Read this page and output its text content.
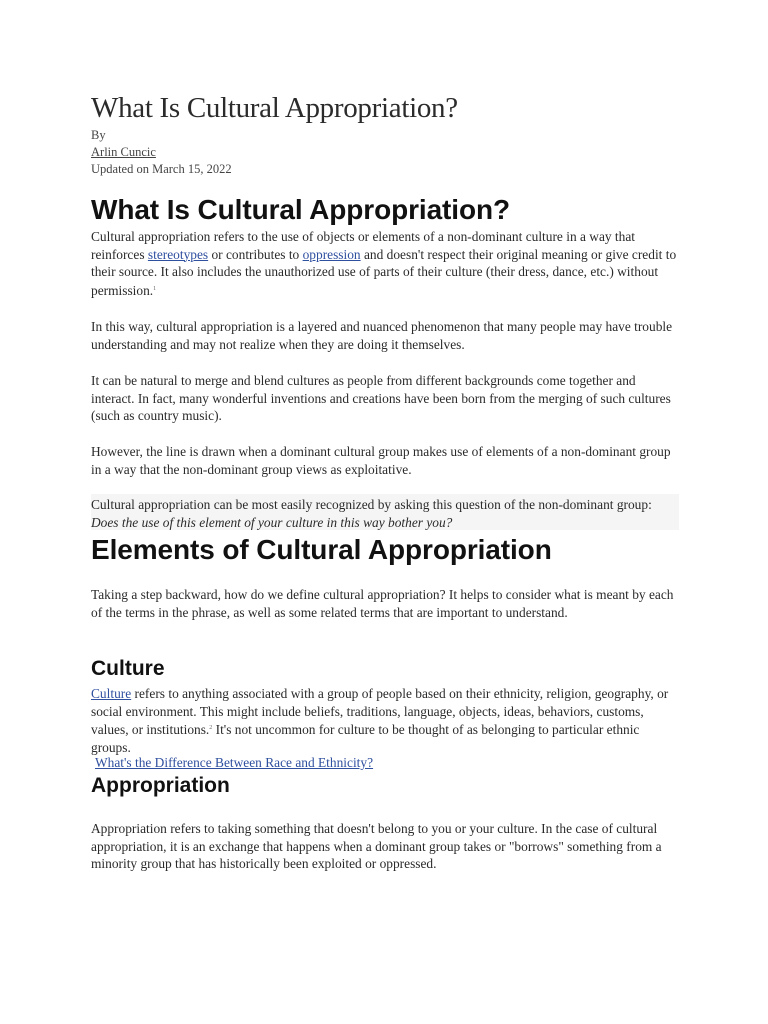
What Is Cultural Appropriation?
By
Arlin Cuncic
Updated on March 15, 2022
What Is Cultural Appropriation?

Cultural appropriation refers to the use of objects or elements of a non-dominant culture in a way that reinforces stereotypes or contributes to oppression and doesn't respect their original meaning or give credit to their source. It also includes the unauthorized use of parts of their culture (their dress, dance, etc.) without permission.$^1$

In this way, cultural appropriation is a layered and nuanced phenomenon that many people may have trouble understanding and may not realize when they are doing it themselves.

It can be natural to merge and blend cultures as people from different backgrounds come together and interact. In fact, many wonderful inventions and creations have been born from the merging of such cultures (such as country music).

However, the line is drawn when a dominant cultural group makes use of elements of a non-dominant group in a way that the non-dominant group views as exploitative.

Cultural appropriation can be most easily recognized by asking this question of the non-dominant group: Does the use of this element of your culture in this way bother you?

Elements of Cultural Appropriation

Taking a step backward, how do we define cultural appropriation? It helps to consider what is meant by each of the terms in the phrase, as well as some related terms that are important to understand.

Culture

Culture refers to anything associated with a group of people based on their ethnicity, religion, geography, or social environment. This might include beliefs, traditions, language, objects, ideas, behaviors, customs, values, or institutions.$^2$ It's not uncommon for culture to be thought of as belonging to particular ethnic groups.

What's the Difference Between Race and Ethnicity?
Appropriation

Appropriation refers to taking something that doesn't belong to you or your culture. In the case of cultural appropriation, it is an exchange that happens when a dominant group takes or "borrows" something from a minority group that has historically been exploited or oppressed.
